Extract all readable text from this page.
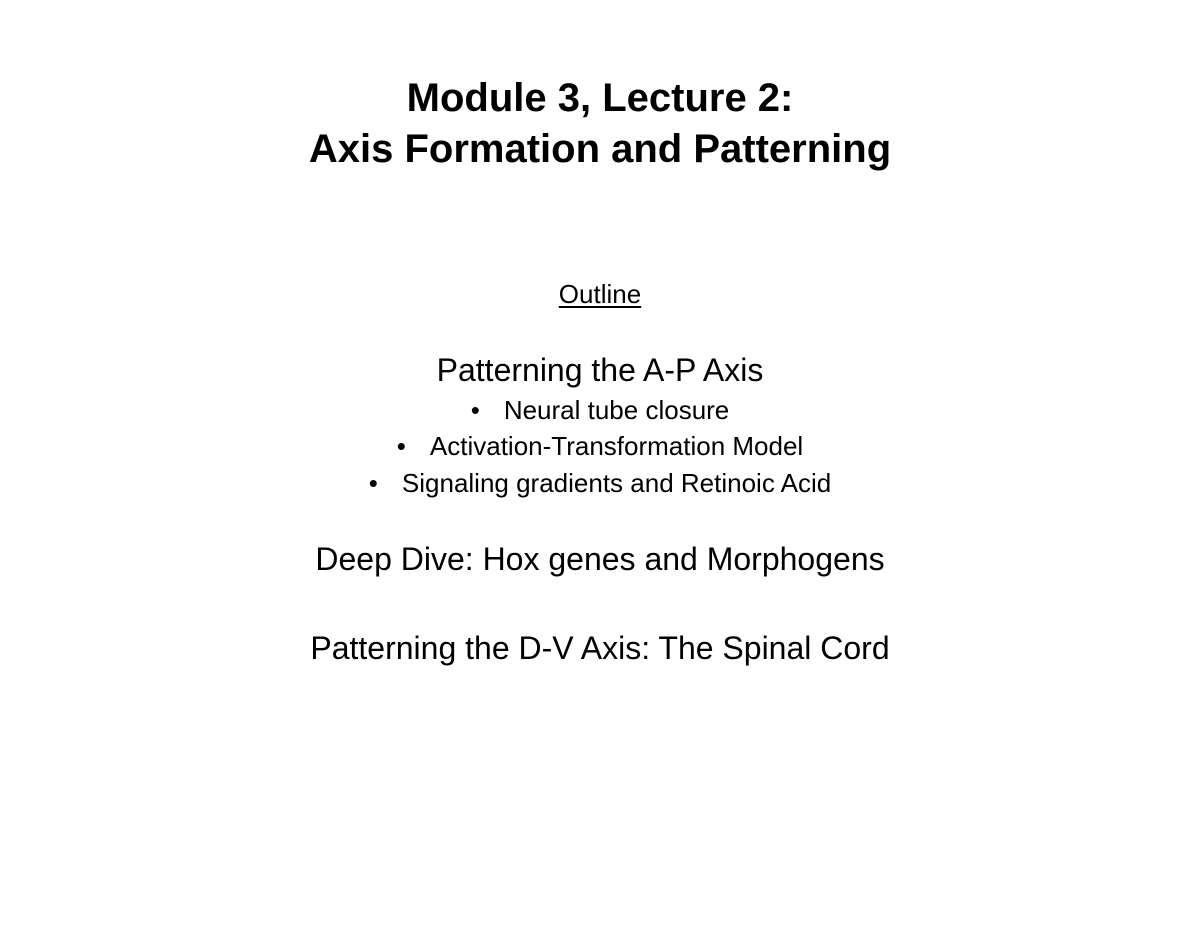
Module 3, Lecture 2:
Axis Formation and Patterning
Outline
Patterning the A-P Axis
• Neural tube closure
• Activation-Transformation Model
• Signaling gradients and Retinoic Acid
Deep Dive: Hox genes and Morphogens
Patterning the D-V Axis: The Spinal Cord
